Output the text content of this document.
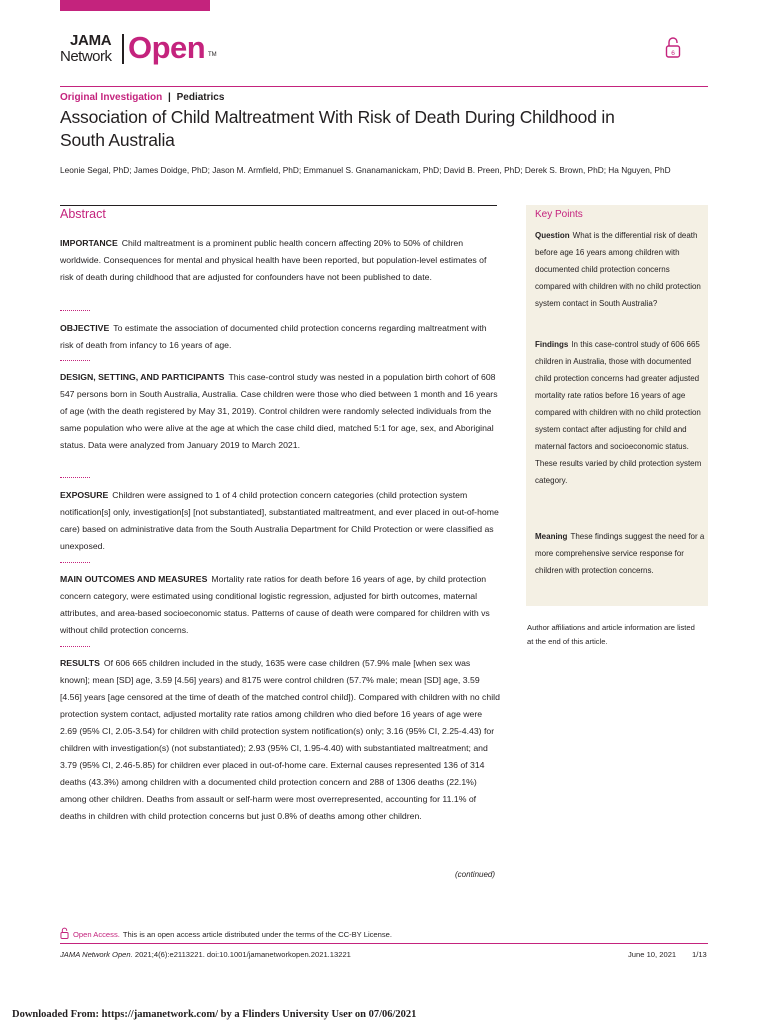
JAMA
Network Open TM	6
Original Investigation | Pediatrics
Association of Child Maltreatment With Risk of Death During Childhood in South Australia
Leonie Segal, PhD; James Doidge, PhD; Jason M. Armfield, PhD; Emmanuel S. Gnanamanickam, PhD; David B. Preen, PhD; Derek S. Brown, PhD; Ha Nguyen, PhD
Abstract

IMPORTANCE Child maltreatment is a prominent public health concern affecting 20% to 50% of children worldwide. Consequences for mental and physical health have been reported, but population-level estimates of risk of death during childhood that are adjusted for confounders have not been published to date.

OBJECTIVE To estimate the association of documented child protection concerns regarding maltreatment with risk of death from infancy to 16 years of age.

DESIGN, SETTING, AND PARTICIPANTS This case-control study was nested in a population birth cohort of 608 547 persons born in South Australia, Australia. Case children were those who died between 1 month and 16 years of age (with the death registered by May 31, 2019). Control children were randomly selected individuals from the same population who were alive at the age at which the case child died, matched 5:1 for age, sex, and Aboriginal status. Data were analyzed from January 2019 to March 2021.

EXPOSURE Children were assigned to 1 of 4 child protection concern categories (child protection system notification[s] only, investigation[s] [not substantiated], substantiated maltreatment, and ever placed in out-of-home care) based on administrative data from the South Australia Department for Child Protection or were classified as unexposed.

MAIN OUTCOMES AND MEASURES Mortality rate ratios for death before 16 years of age, by child protection concern category, were estimated using conditional logistic regression, adjusted for birth outcomes, maternal attributes, and area-based socioeconomic status. Patterns of cause of death were compared for children with vs without child protection concerns.

RESULTS Of 606 665 children included in the study, 1635 were case children (57.9% male [when sex was known]; mean [SD] age, 3.59 [4.56] years) and 8175 were control children (57.7% male; mean [SD] age, 3.59 [4.56] years [age censored at the time of death of the matched control child]). Compared with children with no child protection system contact, adjusted mortality rate ratios among children who died before 16 years of age were 2.69 (95% CI, 2.05-3.54) for children with child protection system notification(s) only; 3.16 (95% CI, 2.25-4.43) for children with investigation(s) (not substantiated); 2.93 (95% CI, 1.95-4.40) with substantiated maltreatment; and 3.79 (95% CI, 2.46-5.85) for children ever placed in out-of-home care. External causes represented 136 of 314 deaths (43.3%) among children with a documented child protection concern and 288 of 1306 deaths (22.1%) among other children. Deaths from assault or self-harm were most overrepresented, accounting for 11.1% of deaths in children with child protection concerns but just 0.8% of deaths among other children.

(continued)
Key Points

Question What is the differential risk of death before age 16 years among children with documented child protection concerns compared with children with no child protection system contact in South Australia?

Findings In this case-control study of 606 665 children in Australia, those with documented child protection concerns had greater adjusted mortality rate ratios before 16 years of age compared with children with no child protection system contact after adjusting for child and maternal factors and socioeconomic status. These results varied by child protection system category.

Meaning These findings suggest the need for a more comprehensive service response for children with protection concerns.

Author affiliations and article information are listed at the end of this article.
Open Access. This is an open access article distributed under the terms of the CC-BY License.
JAMA Network Open. 2021;4(6):e2113221. doi:10.1001/jamanetworkopen.2021.13221	June 10, 2021 1/13
Downloaded From: https://jamanetwork.com/ by a Flinders University User on 07/06/2021
